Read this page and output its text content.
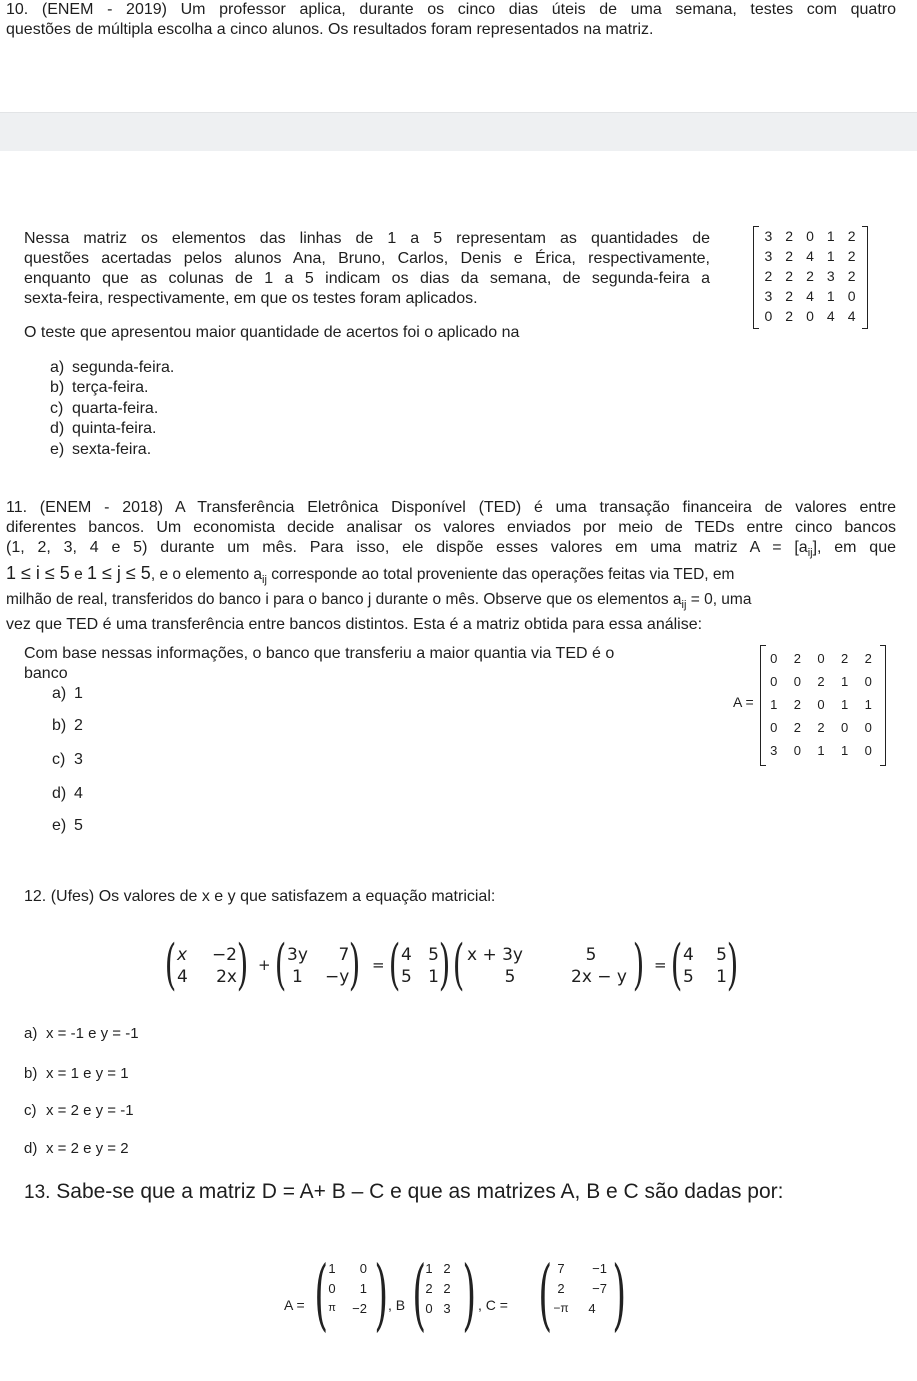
10. (ENEM - 2019) Um professor aplica, durante os cinco dias úteis de uma semana, testes com quatro
questões de múltipla escolha a cinco alunos. Os resultados foram representados na matriz.
Nessa matriz os elementos das linhas de 1 a 5 representam as quantidades de
questões acertadas pelos alunos Ana, Bruno, Carlos, Denis e Érica, respectivamente,
enquanto que as colunas de 1 a 5 indicam os dias da semana, de segunda-feira a
sexta-feira, respectivamente, em que os testes foram aplicados.
O teste que apresentou maior quantidade de acertos foi o aplicado na
3	2	0	1	2
3	2	4	1	2
2	2	2	3	2
3	2	4	1	0
0	2	0	4	4
a) segunda-feira.
b) terça-feira.
c) quarta-feira.
d) quinta-feira.
e) sexta-feira.
11. (ENEM - 2018) A Transferência Eletrônica Disponível (TED) é uma transação financeira de valores entre
diferentes bancos. Um economista decide analisar os valores enviados por meio de TEDs entre cinco bancos
(1, 2, 3, 4 e 5) durante um mês. Para isso, ele dispõe esses valores em uma matriz $A = [a_{ij}]$, em que
1 ≤ i ≤ 5 e 1 ≤ j ≤ 5, e o elemento $a_{ij}$ corresponde ao total proveniente das operações feitas via TED, em
milhão de real, transferidos do banco i para o banco j durante o mês. Observe que os elementos $a_{ij} = 0$, uma
vez que TED é uma transferência entre bancos distintos. Esta é a matriz obtida para essa análise:
Com base nessas informações, o banco que transferiu a maior quantia via TED é o
banco
A =
0	2	0	2	2
0	0	2	1	0
1	2	0	1	1
0	2	2	0	0
3	0	1	1	0
a) 1
b) 2
c) 3
d) 4
e) 5
12. (Ufes) Os valores de x e y que satisfazem a equação matricial:
( x	−2
4	2x ) + ( 3y	7
1	−y ) = ( 4	5
5	1 ) ( x + 3y	5
5	2x − y ) = ( 4	5
5	1 )
a) x = -1 e y = -1
b) x = 1 e y = 1
c) x = 2 e y = -1
d) x = 2 e y = 2
13. Sabe-se que a matriz D = A+ B – C e que as matrizes A, B e C são dadas por:
A = ( 1	0
0	1
π	−2 ) , B ( 1	2
2	2
0	3 ) , C = ( 7	−1
2	−7
−π	4 )
